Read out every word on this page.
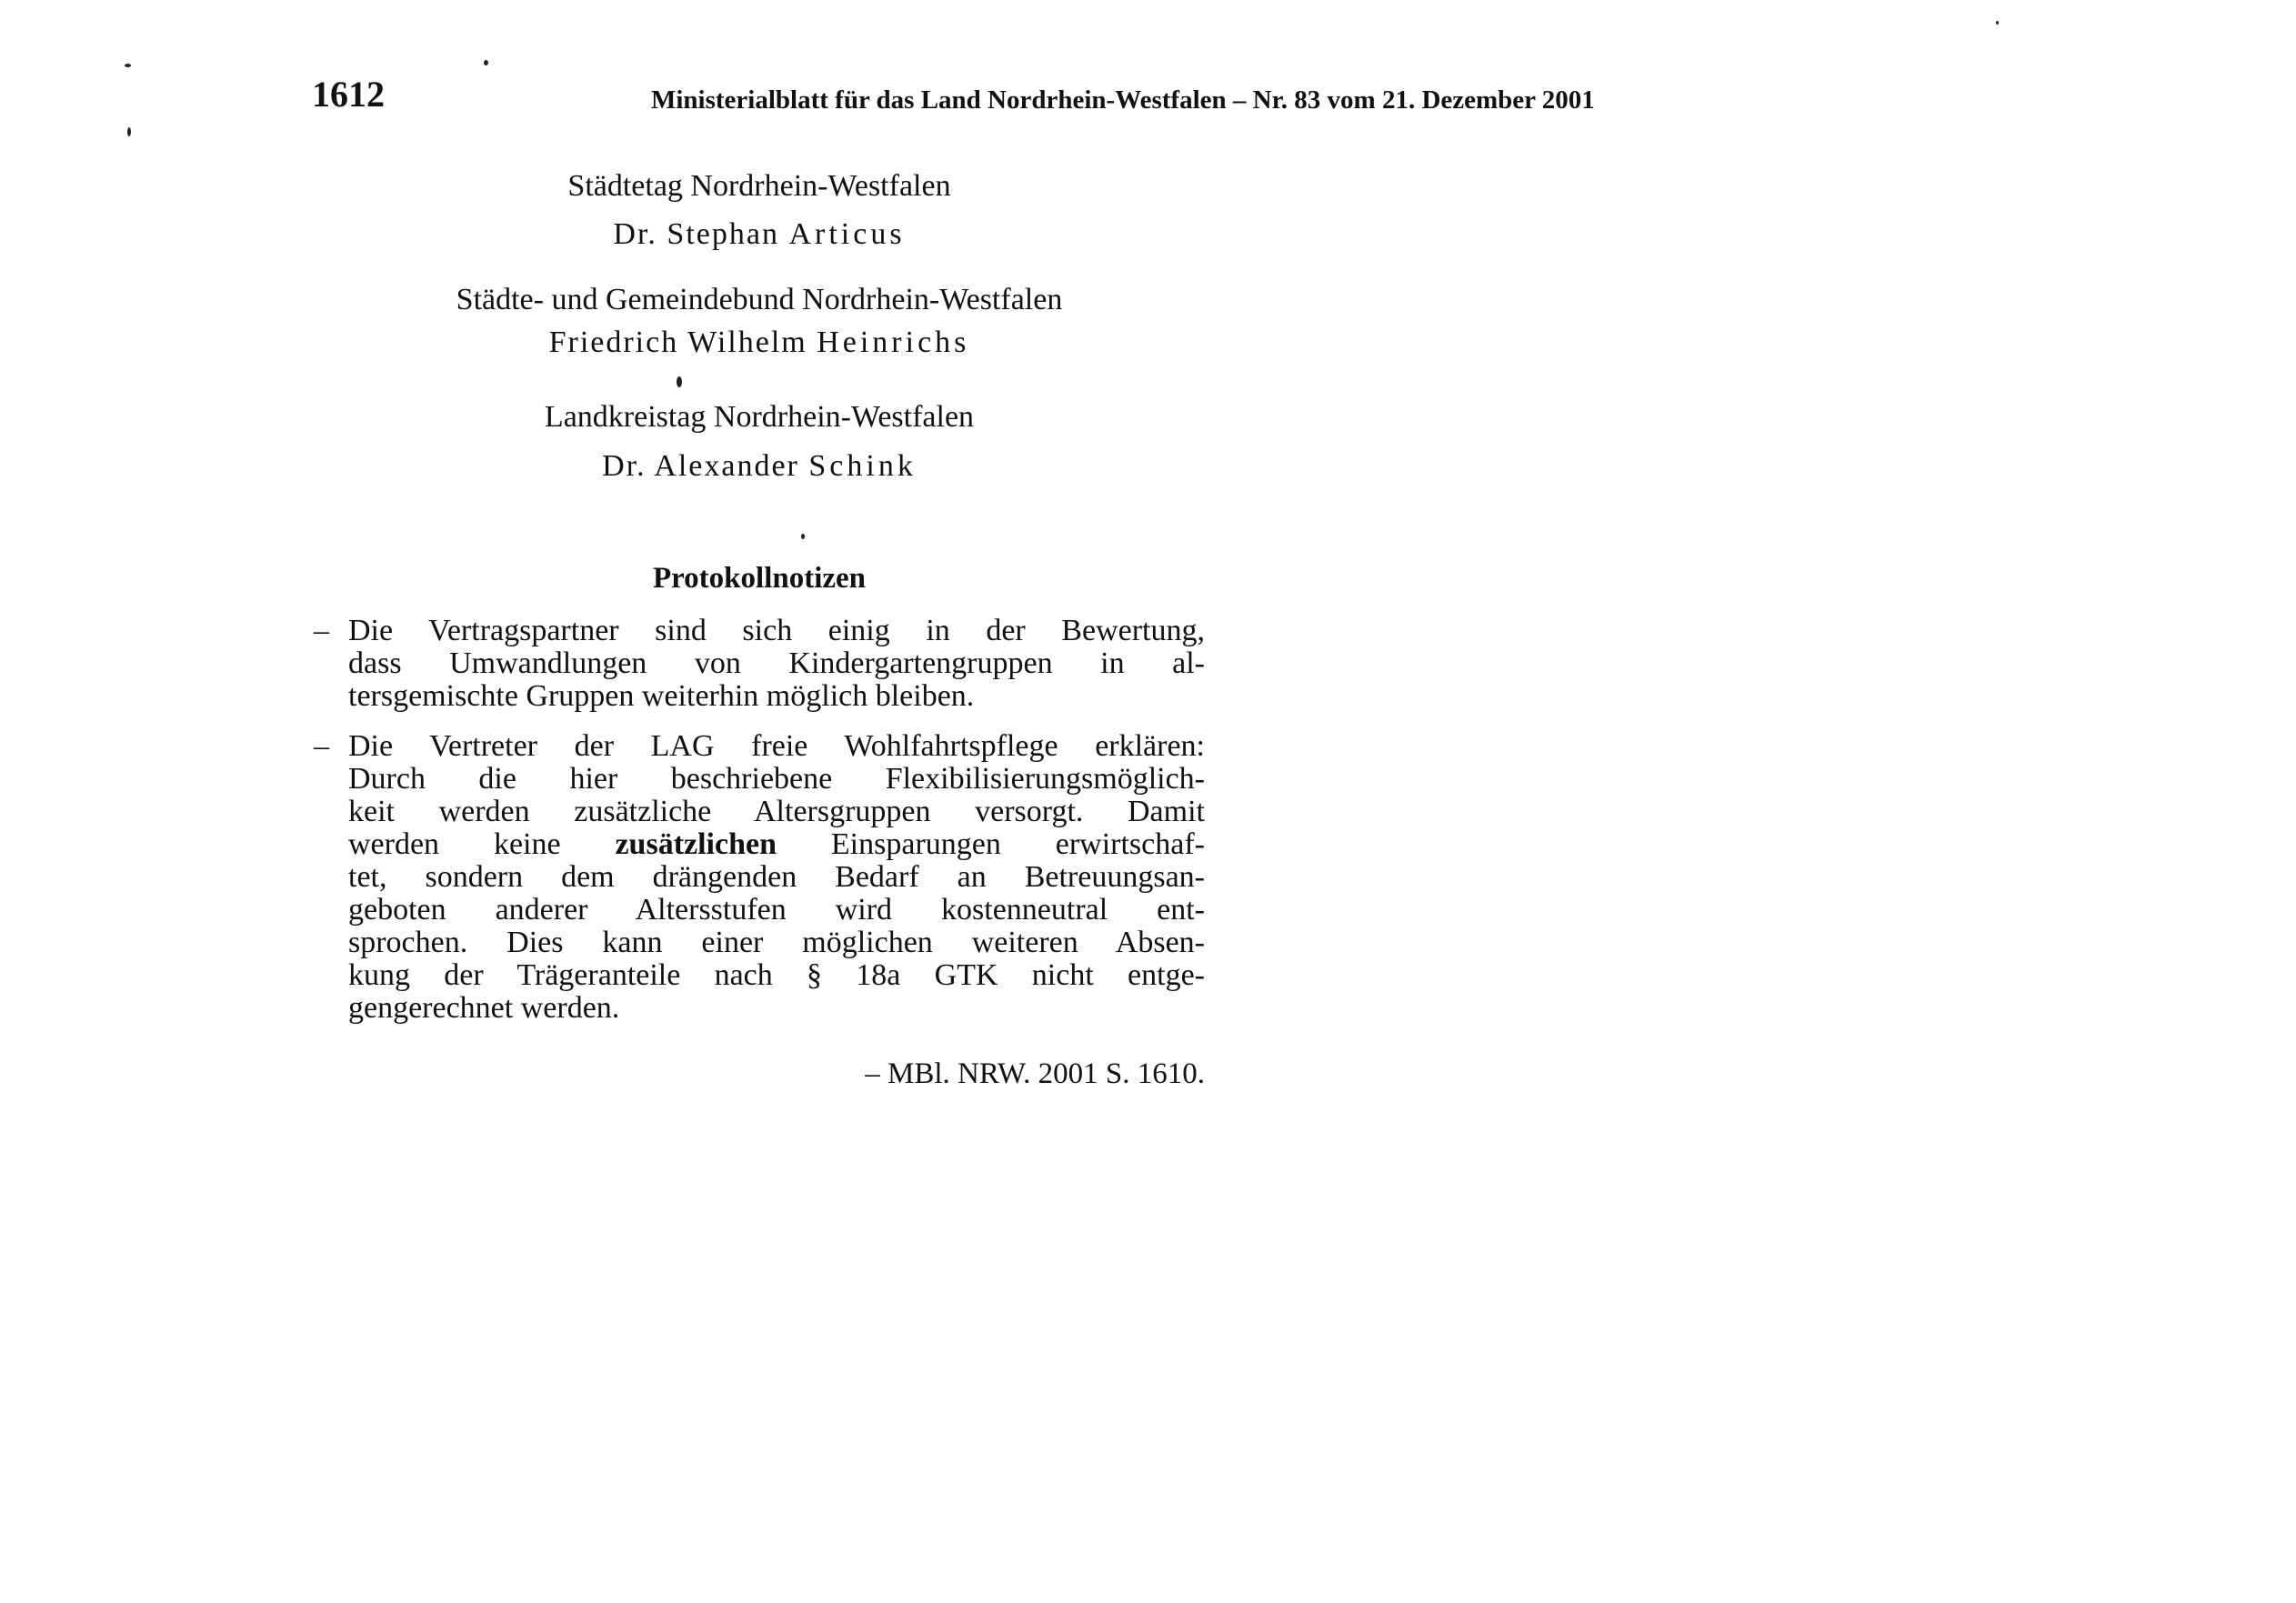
1612	Ministerialblatt für das Land Nordrhein-Westfalen – Nr. 83 vom 21. Dezember 2001
Städtetag Nordrhein-Westfalen
Dr. Stephan Articus
Städte- und Gemeindebund Nordrhein-Westfalen
Friedrich Wilhelm Heinrichs
Landkreistag Nordrhein-Westfalen
Dr. Alexander Schink
Protokollnotizen
– Die Vertragspartner sind sich einig in der Bewertung,
dass Umwandlungen von Kindergartengruppen in al-
tersgemischte Gruppen weiterhin möglich bleiben.
– Die Vertreter der LAG freie Wohlfahrtspflege erklären:
Durch die hier beschriebene Flexibilisierungsmöglich-
keit werden zusätzliche Altersgruppen versorgt. Damit
werden keine zusätzlichen Einsparungen erwirtschaf-
tet, sondern dem drängenden Bedarf an Betreuungsan-
geboten anderer Altersstufen wird kostenneutral ent-
sprochen. Dies kann einer möglichen weiteren Absen-
kung der Trägeranteile nach § 18a GTK nicht entge-
gengerechnet werden.
– MBl. NRW. 2001 S. 1610.
